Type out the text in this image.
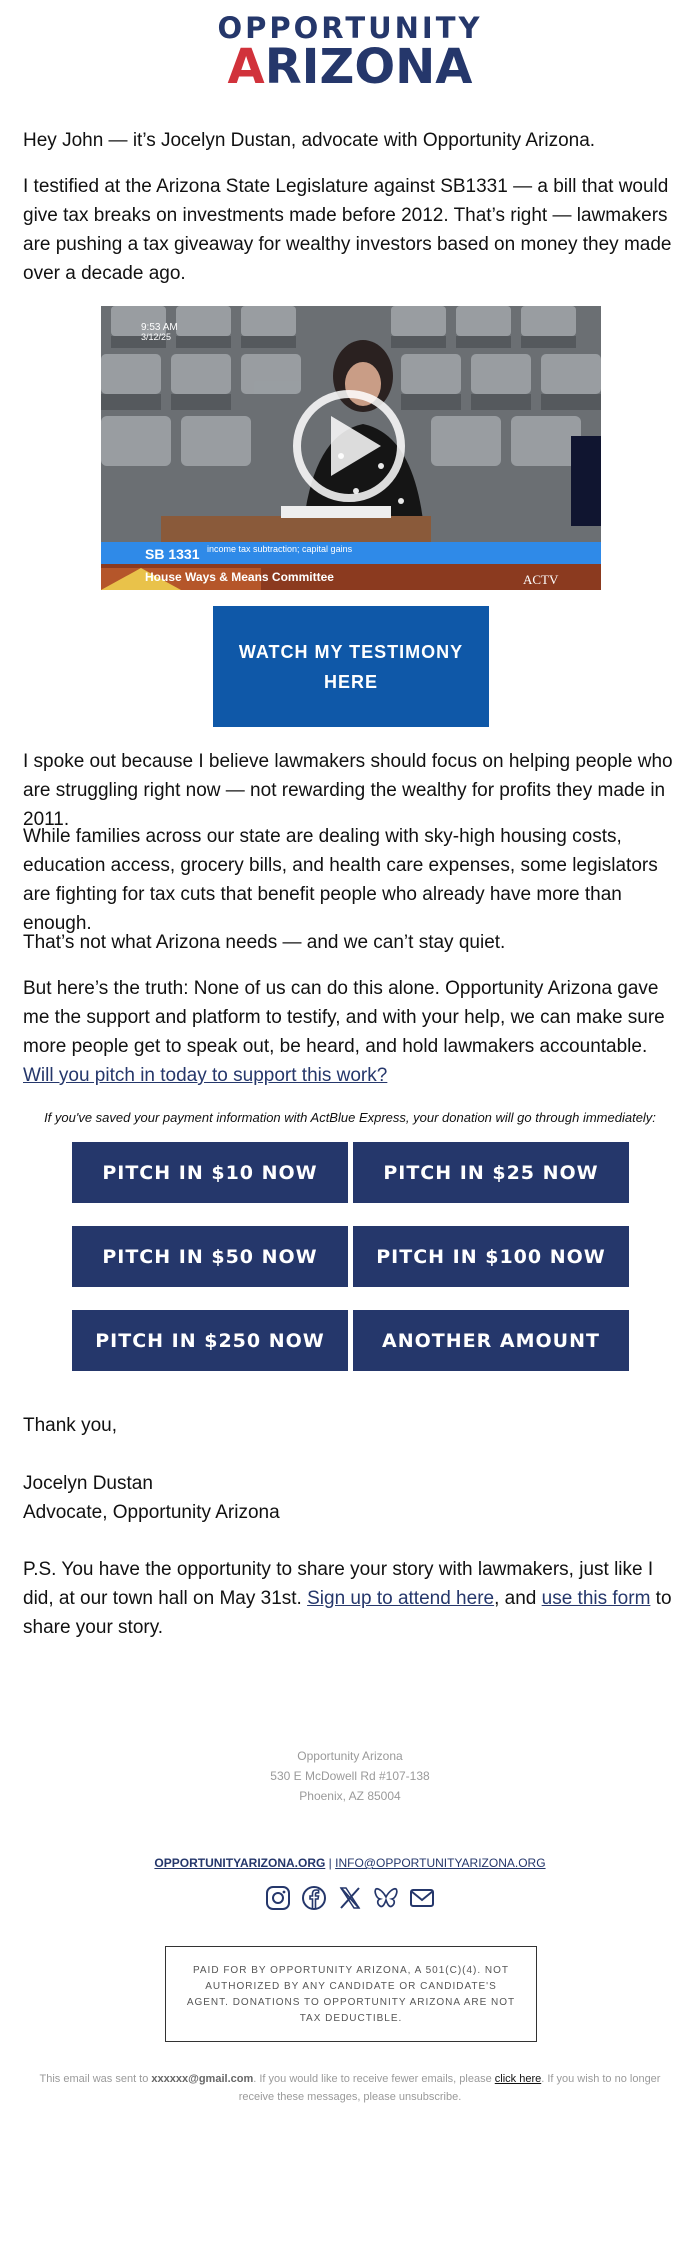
OPPORTUNITY
ARIZONA

Hey John — it’s Jocelyn Dustan, advocate with Opportunity Arizona.

I testified at the Arizona State Legislature against SB1331 — a bill that would give tax breaks on investments made before 2012. That’s right — lawmakers are pushing a tax giveaway for wealthy investors based on money they made over a decade ago.

9:53 AM
3/12/25
SB 1331 income tax subtraction; capital gains
House Ways & Means Committee	ACTV
WATCH MY TESTIMONY HERE

I spoke out because I believe lawmakers should focus on helping people who are struggling right now — not rewarding the wealthy for profits they made in 2011.

While families across our state are dealing with sky-high housing costs, education access, grocery bills, and health care expenses, some legislators are fighting for tax cuts that benefit people who already have more than enough.

That’s not what Arizona needs — and we can’t stay quiet.

But here’s the truth: None of us can do this alone. Opportunity Arizona gave me the support and platform to testify, and with your help, we can make sure more people get to speak out, be heard, and hold lawmakers accountable. Will you pitch in today to support this work?

If you've saved your payment information with ActBlue Express, your donation will go through immediately:

PITCH IN $10 NOW	PITCH IN $25 NOW
PITCH IN $50 NOW	PITCH IN $100 NOW
PITCH IN $250 NOW	ANOTHER AMOUNT

Thank you,

Jocelyn Dustan

Advocate, Opportunity Arizona

P.S. You have the opportunity to share your story with lawmakers, just like I did, at our town hall on May 31st. Sign up to attend here, and use this form to share your story.

Opportunity Arizona
530 E McDowell Rd #107-138
Phoenix, AZ 85004
OPPORTUNITYARIZONA.ORG | INFO@OPPORTUNITYARIZONA.ORG
PAID FOR BY OPPORTUNITY ARIZONA, A 501(C)(4). NOT AUTHORIZED BY ANY CANDIDATE OR CANDIDATE'S AGENT. DONATIONS TO OPPORTUNITY ARIZONA ARE NOT TAX DEDUCTIBLE.

This email was sent to xxxxxx@gmail.com. If you would like to receive fewer emails, please click here. If you wish to no longer receive these messages, please unsubscribe.
